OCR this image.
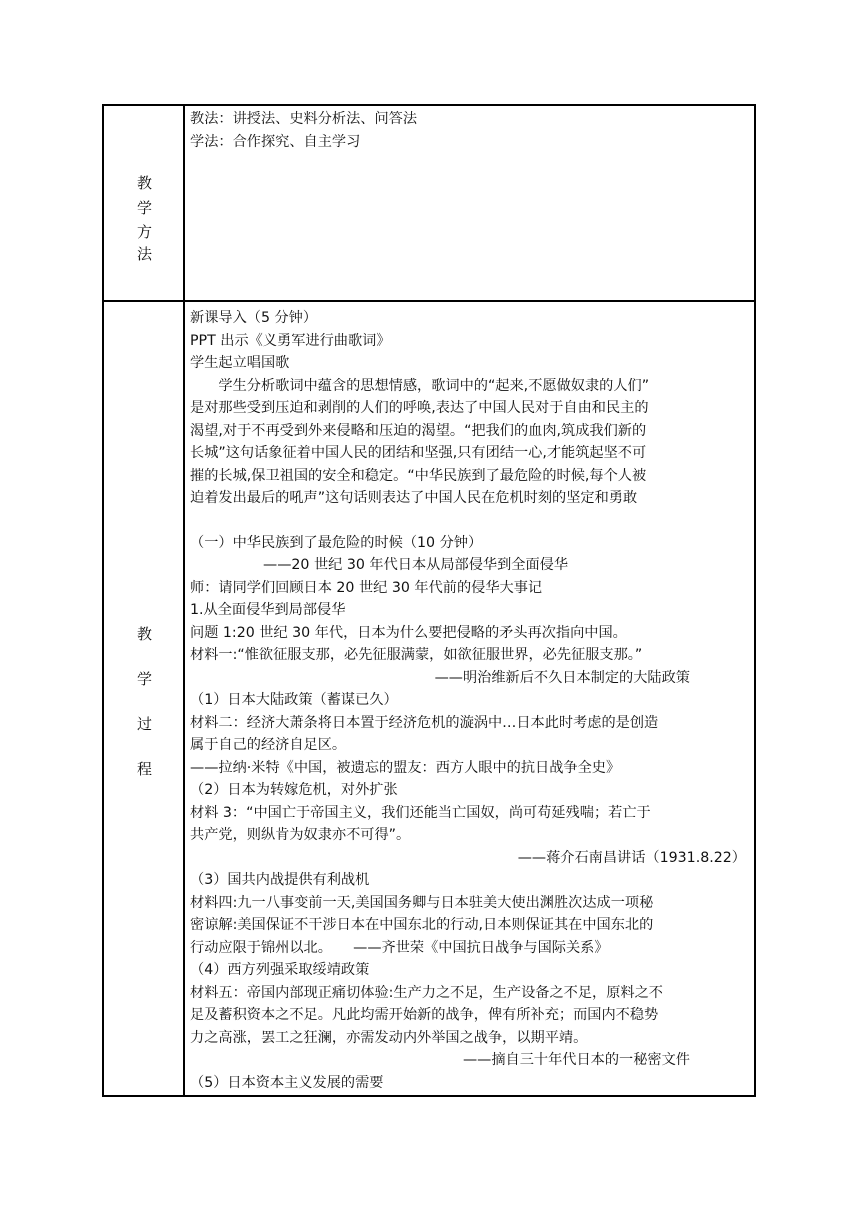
教
学
方
法
教法：讲授法、史料分析法、问答法
学法：合作探究、自主学习
教
学
过
程
新课导入（5 分钟）
PPT 出示《义勇军进行曲歌词》
学生起立唱国歌
学生分析歌词中蕴含的思想情感，歌词中的“起来,不愿做奴隶的人们”
是对那些受到压迫和剥削的人们的呼唤,表达了中国人民对于自由和民主的
渴望,对于不再受到外来侵略和压迫的渴望。“把我们的血肉,筑成我们新的
长城”这句话象征着中国人民的团结和坚强,只有团结一心,才能筑起坚不可
摧的长城,保卫祖国的安全和稳定。“中华民族到了最危险的时候,每个人被
迫着发出最后的吼声”这句话则表达了中国人民在危机时刻的坚定和勇敢
（一）中华民族到了最危险的时候（10 分钟）
——20 世纪 30 年代日本从局部侵华到全面侵华
师：请同学们回顾日本 20 世纪 30 年代前的侵华大事记
1.从全面侵华到局部侵华
问题 1:20 世纪 30 年代，日本为什么要把侵略的矛头再次指向中国。
材料一:“惟欲征服支那，必先征服满蒙，如欲征服世界，必先征服支那。”
——明治维新后不久日本制定的大陆政策
（1）日本大陆政策（蓄谋已久）
材料二：经济大萧条将日本置于经济危机的漩涡中…日本此时考虑的是创造
属于自己的经济自足区。
——拉纳·米特《中国，被遗忘的盟友：西方人眼中的抗日战争全史》
（2）日本为转嫁危机，对外扩张
材料 3：“中国亡于帝国主义，我们还能当亡国奴，尚可苟延残喘；若亡于
共产党，则纵肯为奴隶亦不可得”。
——蒋介石南昌讲话（1931.8.22）
（3）国共内战提供有利战机
材料四:九一八事变前一天,美国国务卿与日本驻美大使出渊胜次达成一项秘
密谅解:美国保证不干涉日本在中国东北的行动,日本则保证其在中国东北的
行动应限于锦州以北。　　——齐世荣《中国抗日战争与国际关系》
（4）西方列强采取绥靖政策
材料五：帝国内部现正痛切体验:生产力之不足，生产设备之不足，原料之不
足及蓄积资本之不足。凡此均需开始新的战争，俾有所补充；而国内不稳势
力之高涨，罢工之狂澜，亦需发动内外举国之战争，以期平靖。
——摘自三十年代日本的一秘密文件
（5）日本资本主义发展的需要
